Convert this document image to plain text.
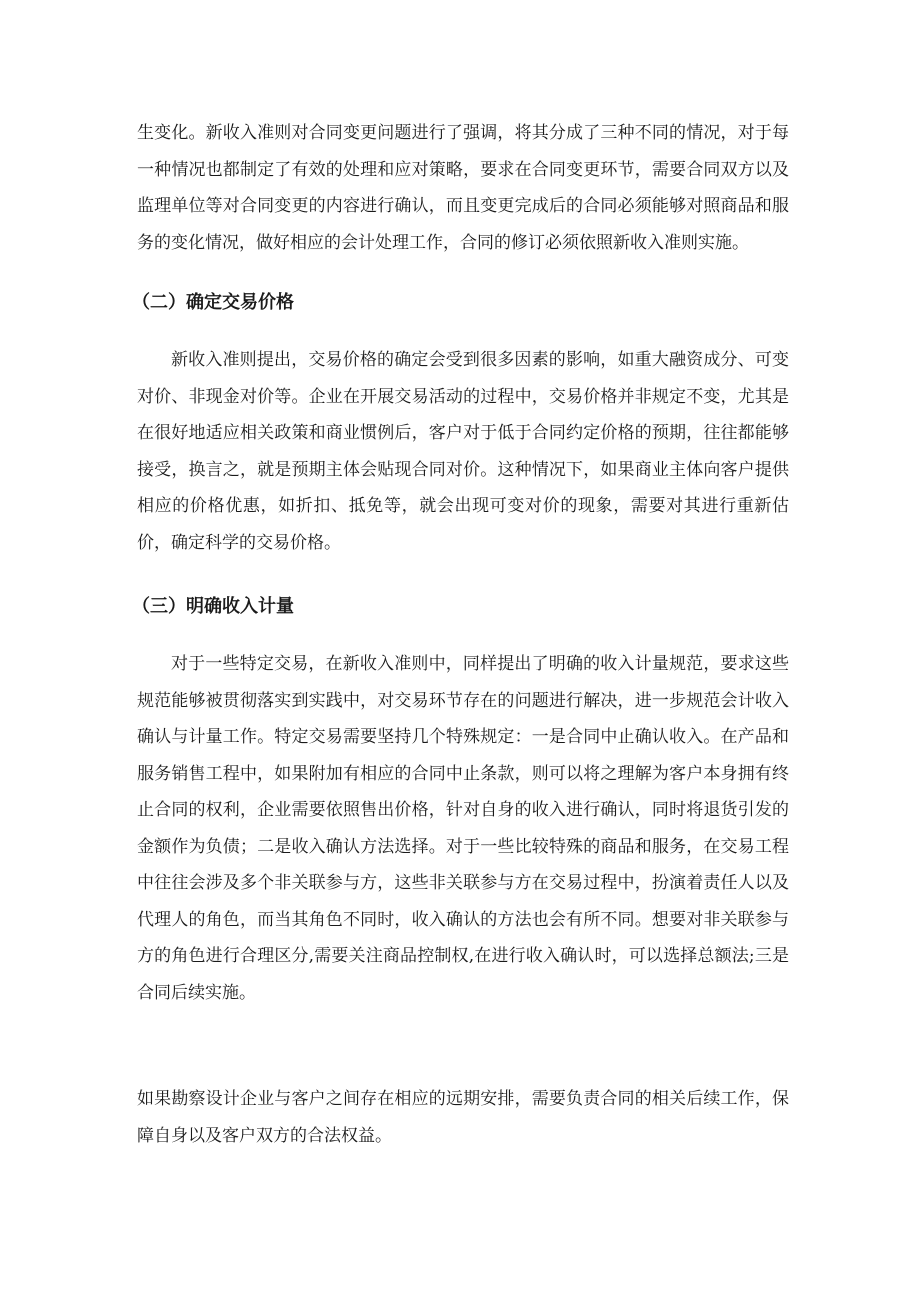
生变化。新收入准则对合同变更问题进行了强调，将其分成了三种不同的情况，对于每一种情况也都制定了有效的处理和应对策略，要求在合同变更环节，需要合同双方以及监理单位等对合同变更的内容进行确认，而且变更完成后的合同必须能够对照商品和服务的变化情况，做好相应的会计处理工作，合同的修订必须依照新收入准则实施。

（二）确定交易价格

新收入准则提出，交易价格的确定会受到很多因素的影响，如重大融资成分、可变对价、非现金对价等。企业在开展交易活动的过程中，交易价格并非规定不变，尤其是在很好地适应相关政策和商业惯例后，客户对于低于合同约定价格的预期，往往都能够接受，换言之，就是预期主体会贴现合同对价。这种情况下，如果商业主体向客户提供相应的价格优惠，如折扣、抵免等，就会出现可变对价的现象，需要对其进行重新估价，确定科学的交易价格。

（三）明确收入计量

对于一些特定交易，在新收入准则中，同样提出了明确的收入计量规范，要求这些规范能够被贯彻落实到实践中，对交易环节存在的问题进行解决，进一步规范会计收入确认与计量工作。特定交易需要坚持几个特殊规定：一是合同中止确认收入。在产品和服务销售工程中，如果附加有相应的合同中止条款，则可以将之理解为客户本身拥有终止合同的权利，企业需要依照售出价格，针对自身的收入进行确认，同时将退货引发的金额作为负债；二是收入确认方法选择。对于一些比较特殊的商品和服务，在交易工程中往往会涉及多个非关联参与方，这些非关联参与方在交易过程中，扮演着责任人以及代理人的角色，而当其角色不同时，收入确认的方法也会有所不同。想要对非关联参与方的角色进行合理区分,需要关注商品控制权,在进行收入确认时，可以选择总额法;三是合同后续实施。

如果勘察设计企业与客户之间存在相应的远期安排，需要负责合同的相关后续工作，保障自身以及客户双方的合法权益。
